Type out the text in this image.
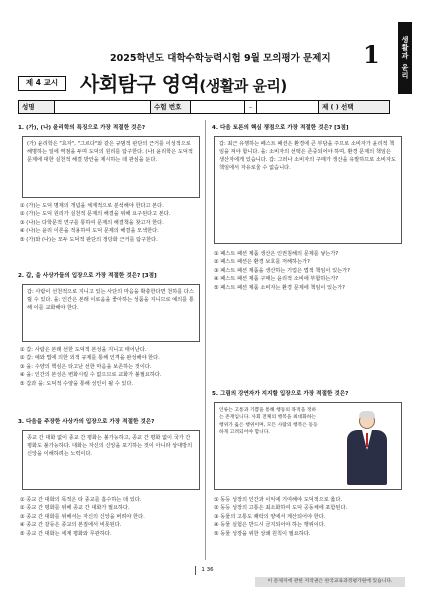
2025학년도 대학수학능력시험 9월 모의평가 문제지 1	생활과 윤리
제 4 교시	사회탐구 영역(생활과 윤리)
성명	수험 번호	–	제 ( ) 선택
1. (가), (나) 윤리학의 특징으로 가장 적절한 것은?
(가) 윤리학은 "효자", "그르다"와 같은 규범적 판단의 근거를 이성적으로 해명하는 일에 역점을 두며 도덕의 원리를 탐구한다. (나) 윤리학은 도덕적 문제에 대한 실천적 해결 방안을 제시하는 데 관심을 둔다.
① (가)는 도덕 명제의 개념을 체계적으로 분석해야 한다고 본다.
② (가)는 도덕 원리가 실천적 문제의 해결을 위해 요구된다고 본다.
③ (나)는 다학문적 연구를 통하여 문제의 해결책을 찾고자 한다.
④ (나)는 윤리 이론을 적용하여 도덕 문제의 해결을 모색한다.
⑤ (가)와 (나)는 모두 도덕적 판단의 정당화 근거를 탐구한다.
2. 갑, 을 사상가들의 입장으로 가장 적절한 것은? [3점]
갑: 사람이 선천적으로 지니고 있는 사단의 마음을 확충한다면 천하를 다스릴 수 있다. 을: 인간은 본래 이로움을 좋아하는 성품을 지니므로 예의를 통해 이를 교화해야 한다.
① 갑: 사람은 본래 선한 도덕적 본성을 지니고 태어난다.
② 갑: 예와 법에 의한 외적 규제를 통해 인격을 완성해야 한다.
③ 을: 수양의 핵심은 타고난 선한 마음을 보존하는 것이다.
④ 을: 인간의 본성은 변화시킬 수 없으므로 교화가 불필요하다.
⑤ 갑과 을: 도덕적 수양을 통해 성인이 될 수 있다.
3. 다음을 주장한 사상가의 입장으로 가장 적절한 것은?
종교 간 대화 없이 종교 간 평화는 불가능하고, 종교 간 평화 없이 국가 간 평화도 불가능하다. 대화는 자신의 신앙을 포기하는 것이 아니라 상대방의 신앙을 이해하려는 노력이다.
① 종교 간 대화의 목적은 타 종교를 흡수하는 데 있다.
② 종교 간 평화를 위해 종교 간 대화가 필요하다.
③ 종교 간 대화를 위해서는 자신의 신앙을 버려야 한다.
④ 종교 간 갈등은 종교의 본질에서 비롯된다.
⑤ 종교 간 대화는 세계 평화와 무관하다.
4. 다음 토론의 핵심 쟁점으로 가장 적절한 것은? [3점]
갑: 최근 유행하는 페스트 패션은 환경에 큰 부담을 주므로 소비자가 윤리적 책임을 져야 합니다. 을: 소비자의 선택은 존중되어야 하며, 환경 문제의 책임은 생산자에게 있습니다. 갑: 그러나 소비자의 구매가 생산을 유발하므로 소비자도 책임에서 자유로울 수 없습니다.
① 패스트 패션 제품 생산은 인권침해의 문제를 낳는가?
② 패스트 패션은 환경 보호를 저해하는가?
③ 패스트 패션 제품을 생산하는 기업은 법적 책임이 있는가?
④ 패스트 패션 제품 구매는 윤리적 소비에 부합하는가?
⑤ 패스트 패션 제품 소비자는 환경 문제에 책임이 있는가?
5. 그림의 강연자가 지지할 입장으로 가장 적절한 것은?
인류는 고통과 기쁨을 통해 행동의 목적을 정하는 존재입니다. 사회 전체의 행복을 최대화하는 행위가 옳은 행위이며, 모든 사람의 행복은 동등하게 고려되어야 합니다.
① 동등 성장의 인간과 이익에 기여해야 도덕적으로 옳다.
② 동등 성장의 고통은 최소화하여 도덕 공동체에 포함된다.
③ 동물의 고통도 쾌락의 양에서 계산되어야 한다.
④ 동물 실험은 반드시 금지되어야 하는 행위이다.
⑤ 동물 성장을 위한 상쇄 원칙이 필요하다.
1 36
이 문제지에 관한 저작권은 한국교육과정평가원에 있습니다.
